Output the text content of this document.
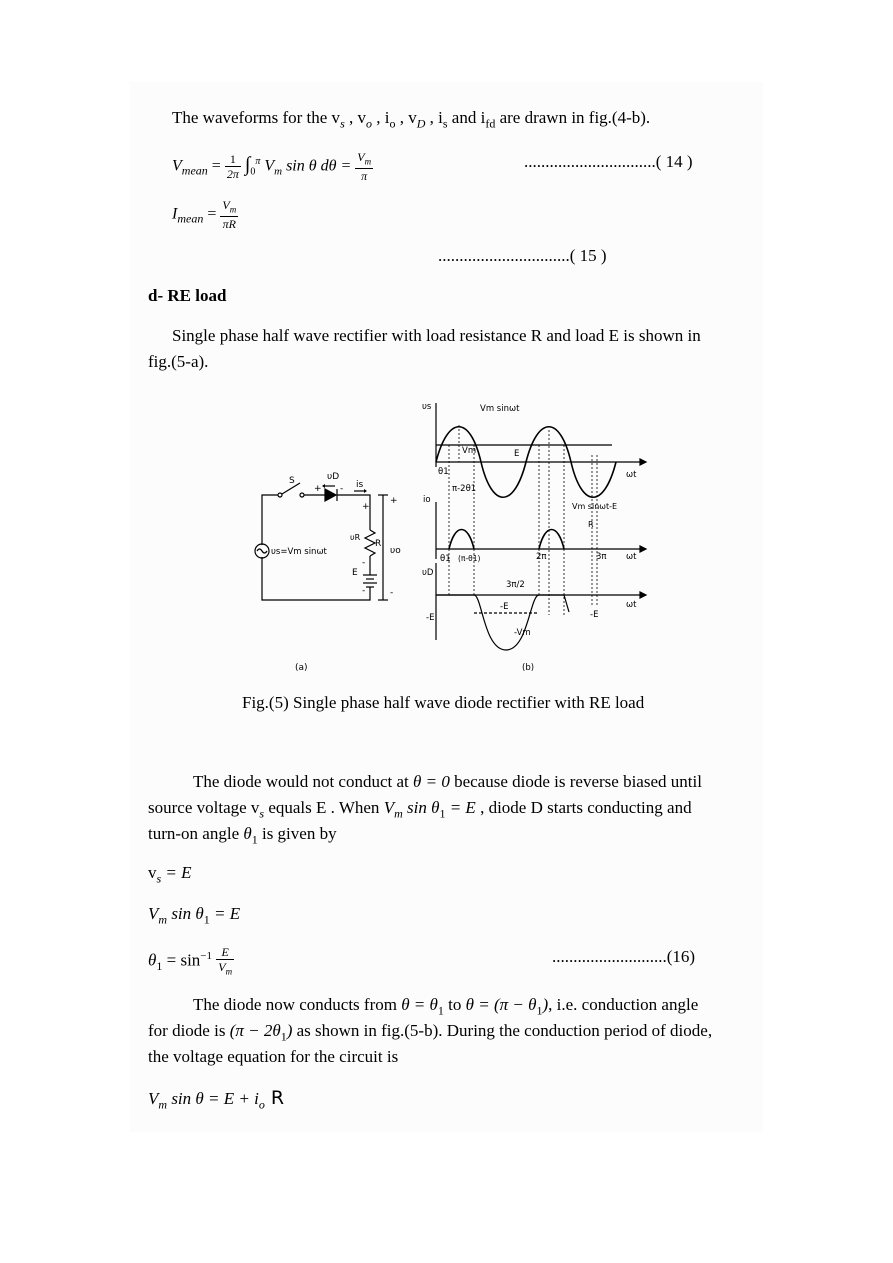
The waveforms for the $v_s$ , $v_o$ , $i_o$ , $v_D$ , $i_s$ and $i_{fd}$ are drawn in fig.(4-b).
$V_{mean} = \frac{1}{2\pi} \int_0^\pi$ $V_m$ sin θ $d\theta = \frac{V_m}{\pi}$	...............................( 14 )
$I_{mean} = \frac{V_m}{\pi R}$
...............................( 15 )
d- RE load
Single phase half wave rectifier with load resistance R and load E is shown in
fig.(5-a).
S	υD
+ - is
υs=Vm sinωt
R
υR
E
+
-
-
+
-
υo
(a)
υs	Vm sinωt
Vm	E
θ1
π-2θ1
ωt
io
Vm sinωt-E
R
θ1 (π-θ1)	2π	3π ωt
υD
3π/2
-E
-E
-E
-Vm
ωt
(b)
Fig.(5) Single phase half wave diode rectifier with RE load
The diode would not conduct at θ = 0 because diode is reverse biased until
source voltage $v_s$ equals E . When $V_m$ $\sin \theta_1 = E$ , diode D starts conducting and
turn-on angle $\theta_1$ is given by
$v_s = E$
$V_m$ $\sin \theta_1 = E$
$\theta_1 = \sin^{-1} \frac{E}{V_m}$	...........................(16)
The diode now conducts from $\theta = \theta_1$ to $\theta = (\pi - \theta_1)$, i.e. conduction angle
for diode is $(\pi - 2\theta_1)$ as shown in fig.(5-b). During the conduction period of diode,
the voltage equation for the circuit is
$V_m$ $\sin \theta = E + i_o$ R
